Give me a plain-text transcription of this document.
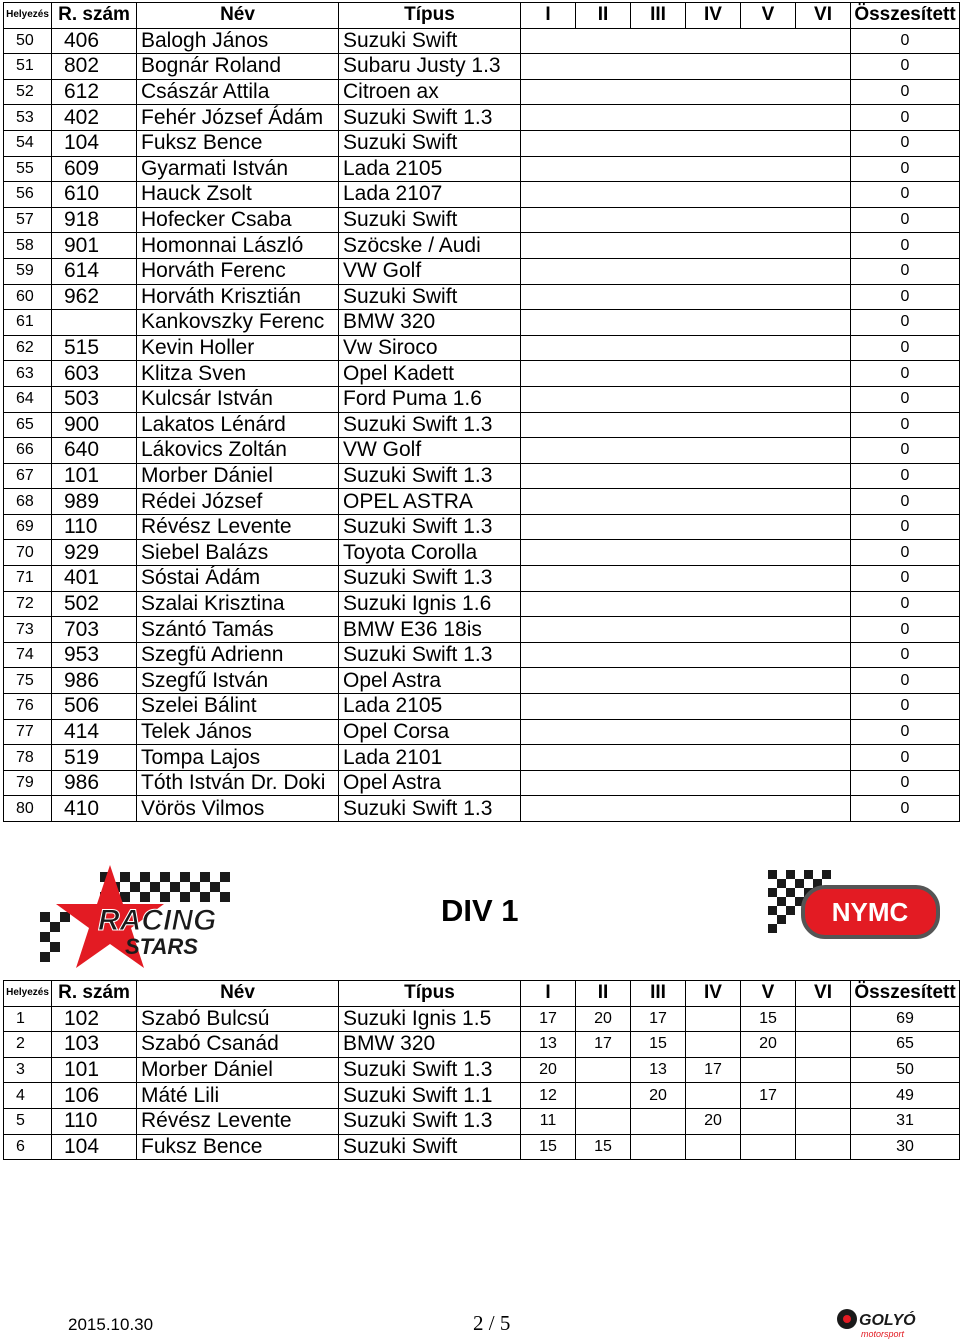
Helyezés	R. szám	Név	Típus	I	II	III	IV	V	VI	Összesített
50	406	Balogh János	Suzuki Swift							0
51	802	Bognár Roland	Subaru Justy 1.3							0
52	612	Császár Attila	Citroen ax							0
53	402	Fehér József Ádám	Suzuki Swift 1.3							0
54	104	Fuksz Bence	Suzuki Swift							0
55	609	Gyarmati István	Lada 2105							0
56	610	Hauck Zsolt	Lada 2107							0
57	918	Hofecker Csaba	Suzuki Swift							0
58	901	Homonnai László	Szöcske / Audi							0
59	614	Horváth Ferenc	VW Golf							0
60	962	Horváth Krisztián	Suzuki Swift							0
61		Kankovszky Ferenc	BMW 320							0
62	515	Kevin Holler	Vw Siroco							0
63	603	Klitza Sven	Opel Kadett							0
64	503	Kulcsár István	Ford Puma 1.6							0
65	900	Lakatos Lénárd	Suzuki Swift 1.3							0
66	640	Lákovics Zoltán	VW Golf							0
67	101	Morber Dániel	Suzuki Swift 1.3							0
68	989	Rédei József	OPEL ASTRA							0
69	110	Révész Levente	Suzuki Swift 1.3							0
70	929	Siebel Balázs	Toyota Corolla							0
71	401	Sóstai Ádám	Suzuki Swift 1.3							0
72	502	Szalai Krisztina	Suzuki Ignis 1.6							0
73	703	Szántó Tamás	BMW E36 18is							0
74	953	Szegfü Adrienn	Suzuki Swift 1.3							0
75	986	Szegfű István	Opel Astra							0
76	506	Szelei Bálint	Lada 2105							0
77	414	Telek János	Opel Corsa							0
78	519	Tompa Lajos	Lada 2101							0
79	986	Tóth István Dr. Doki	Opel Astra							0
80	410	Vörös Vilmos	Suzuki Swift 1.3							0
RACING
STARS
DIV 1	NYMC
Helyezés	R. szám	Név	Típus	I	II	III	IV	V	VI	Összesített
1	102	Szabó Bulcsú	Suzuki Ignis 1.5	17	20	17		15		69
2	103	Szabó Csanád	BMW 320	13	17	15		20		65
3	101	Morber Dániel	Suzuki Swift 1.3	20		13	17			50
4	106	Máté Lili	Suzuki Swift 1.1	12		20		17		49
5	110	Révész Levente	Suzuki Swift 1.3	11			20			31
6	104	Fuksz Bence	Suzuki Swift	15	15					30
2015.10.30	2 / 5	GOLYÓ
motorsport
